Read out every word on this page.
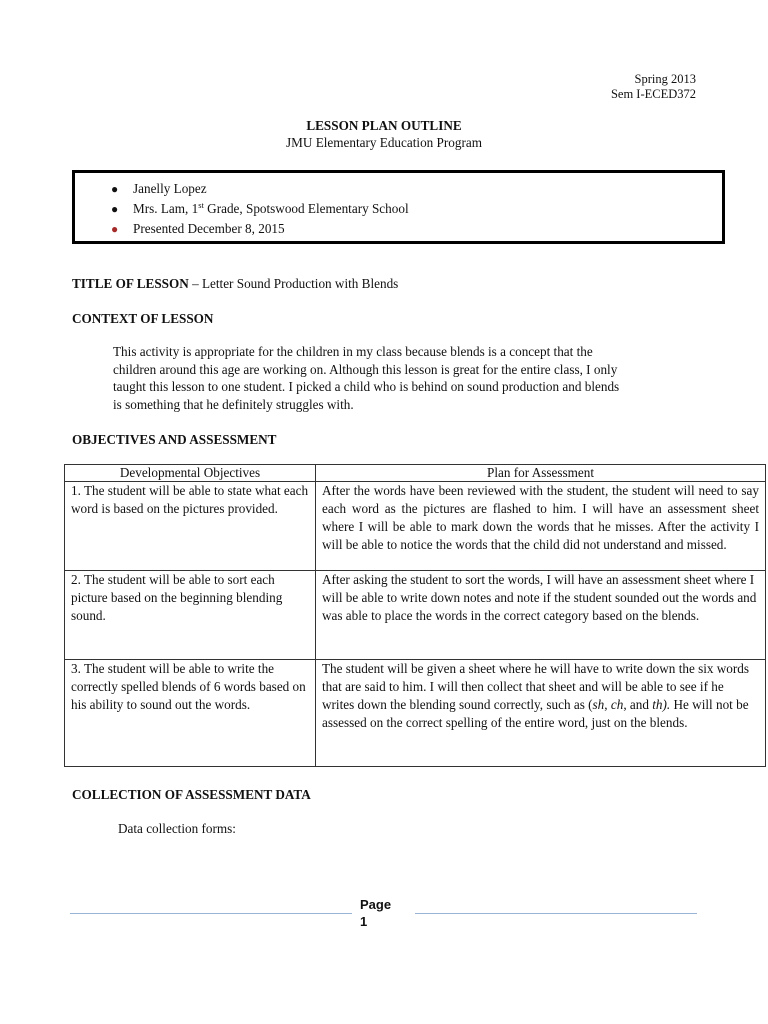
Spring 2013
Sem I-ECED372
LESSON PLAN OUTLINE
JMU Elementary Education Program
● Janelly Lopez
● Mrs. Lam, 1st Grade, Spotswood Elementary School
● Presented December 8, 2015
TITLE OF LESSON – Letter Sound Production with Blends
CONTEXT OF LESSON
This activity is appropriate for the children in my class because blends is a concept that the
children around this age are working on. Although this lesson is great for the entire class, I only
taught this lesson to one student. I picked a child who is behind on sound production and blends
is something that he definitely struggles with.
OBJECTIVES AND ASSESSMENT
Developmental Objectives	Plan for Assessment
1. The student will be able to state what each word is based on the pictures provided.	After the words have been reviewed with the student, the student will need to say each word as the pictures are flashed to him. I will have an assessment sheet where I will be able to mark down the words that he misses. After the activity I will be able to notice the words that the child did not understand and missed.
2. The student will be able to sort each picture based on the beginning blending sound.	After asking the student to sort the words, I will have an assessment sheet where I will be able to write down notes and note if the student sounded out the words and was able to place the words in the correct category based on the blends.
3. The student will be able to write the correctly spelled blends of 6 words based on his ability to sound out the words.	The student will be given a sheet where he will have to write down the six words that are said to him. I will then collect that sheet and will be able to see if he writes down the blending sound correctly, such as (sh, ch, and th). He will not be assessed on the correct spelling of the entire word, just on the blends.
COLLECTION OF ASSESSMENT DATA
Data collection forms:
Page
1
